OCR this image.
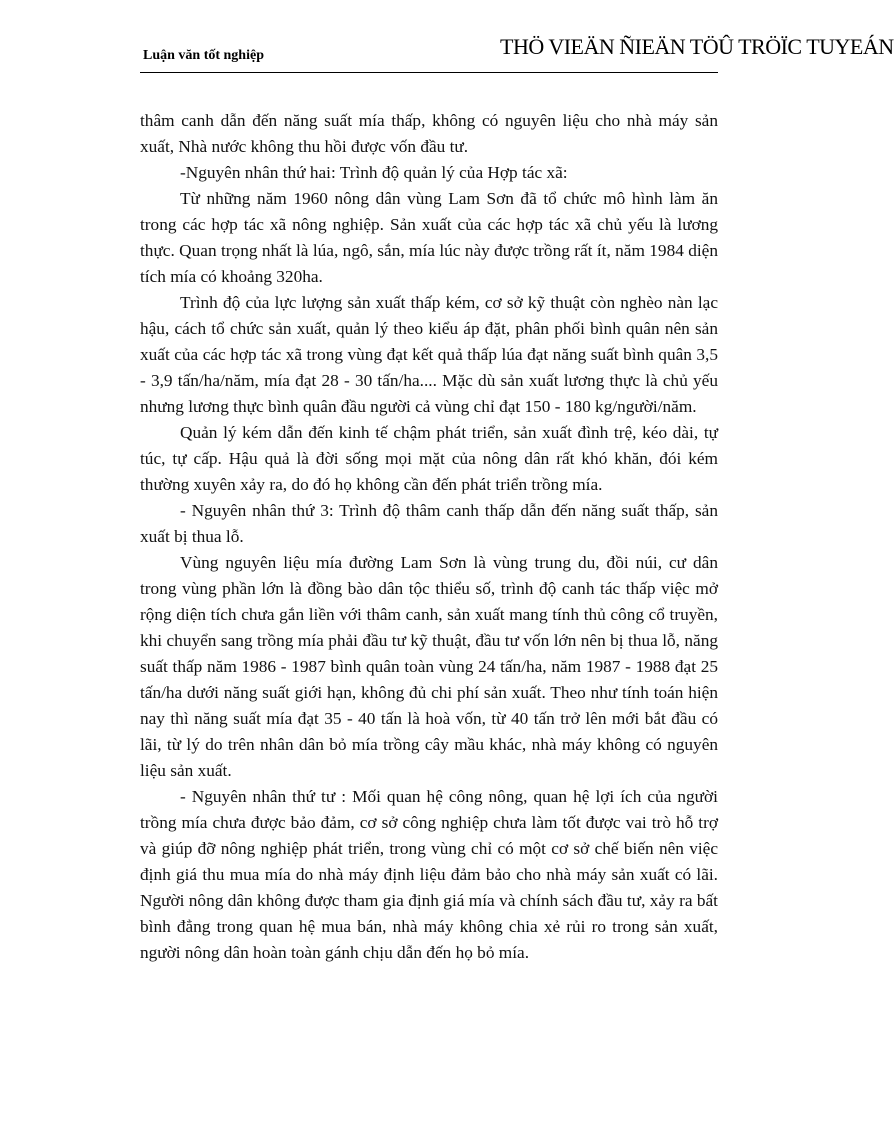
Luận văn tốt nghiệp	THÖ VIEÄN ÑIEÄN TÖÛ TRÖÏC TUYEÁN

thâm canh dẫn đến năng suất mía thấp, không có nguyên liệu cho nhà máy sản xuất, Nhà nước không thu hồi được vốn đầu tư.

-Nguyên nhân thứ hai: Trình độ quản lý của Hợp tác xã:

Từ những năm 1960 nông dân vùng Lam Sơn đã tổ chức mô hình làm ăn trong các hợp tác xã nông nghiệp. Sản xuất của các hợp tác xã chủ yếu là lương thực. Quan trọng nhất là lúa, ngô, sắn, mía lúc này được trồng rất ít, năm 1984 diện tích mía có khoảng 320ha.

Trình độ của lực lượng sản xuất thấp kém, cơ sở kỹ thuật còn nghèo nàn lạc hậu, cách tổ chức sản xuất, quản lý theo kiểu áp đặt, phân phối bình quân nên sản xuất của các hợp tác xã trong vùng đạt kết quả thấp lúa đạt năng suất bình quân 3,5 - 3,9 tấn/ha/năm, mía đạt 28 - 30 tấn/ha.... Mặc dù sản xuất lương thực là chủ yếu nhưng lương thực bình quân đầu người cả vùng chỉ đạt 150 - 180 kg/người/năm.

Quản lý kém dẫn đến kinh tế chậm phát triển, sản xuất đình trệ, kéo dài, tự túc, tự cấp. Hậu quả là đời sống mọi mặt của nông dân rất khó khăn, đói kém thường xuyên xảy ra, do đó họ không cần đến phát triển trồng mía.

- Nguyên nhân thứ 3: Trình độ thâm canh thấp dẫn đến năng suất thấp, sản xuất bị thua lỗ.

Vùng nguyên liệu mía đường Lam Sơn là vùng trung du, đồi núi, cư dân trong vùng phần lớn là đồng bào dân tộc thiểu số, trình độ canh tác thấp việc mở rộng diện tích chưa gắn liền với thâm canh, sản xuất mang tính thủ công cổ truyền, khi chuyển sang trồng mía phải đầu tư kỹ thuật, đầu tư vốn lớn nên bị thua lỗ, năng suất thấp năm 1986 - 1987 bình quân toàn vùng 24 tấn/ha, năm 1987 - 1988 đạt 25 tấn/ha dưới năng suất giới hạn, không đủ chi phí sản xuất. Theo như tính toán hiện nay thì năng suất mía đạt 35 - 40 tấn là hoà vốn, từ 40 tấn trở lên mới bắt đầu có lãi, từ lý do trên nhân dân bỏ mía trồng cây mầu khác, nhà máy không có nguyên liệu sản xuất.

- Nguyên nhân thứ tư : Mối quan hệ công nông, quan hệ lợi ích của người trồng mía chưa được bảo đảm, cơ sở công nghiệp chưa làm tốt được vai trò hỗ trợ và giúp đỡ nông nghiệp phát triển, trong vùng chỉ có một cơ sở chế biến nên việc định giá thu mua mía do nhà máy định liệu đảm bảo cho nhà máy sản xuất có lãi. Người nông dân không được tham gia định giá mía và chính sách đầu tư, xảy ra bất bình đẳng trong quan hệ mua bán, nhà máy không chia xẻ rủi ro trong sản xuất, người nông dân hoàn toàn gánh chịu dẫn đến họ bỏ mía.
